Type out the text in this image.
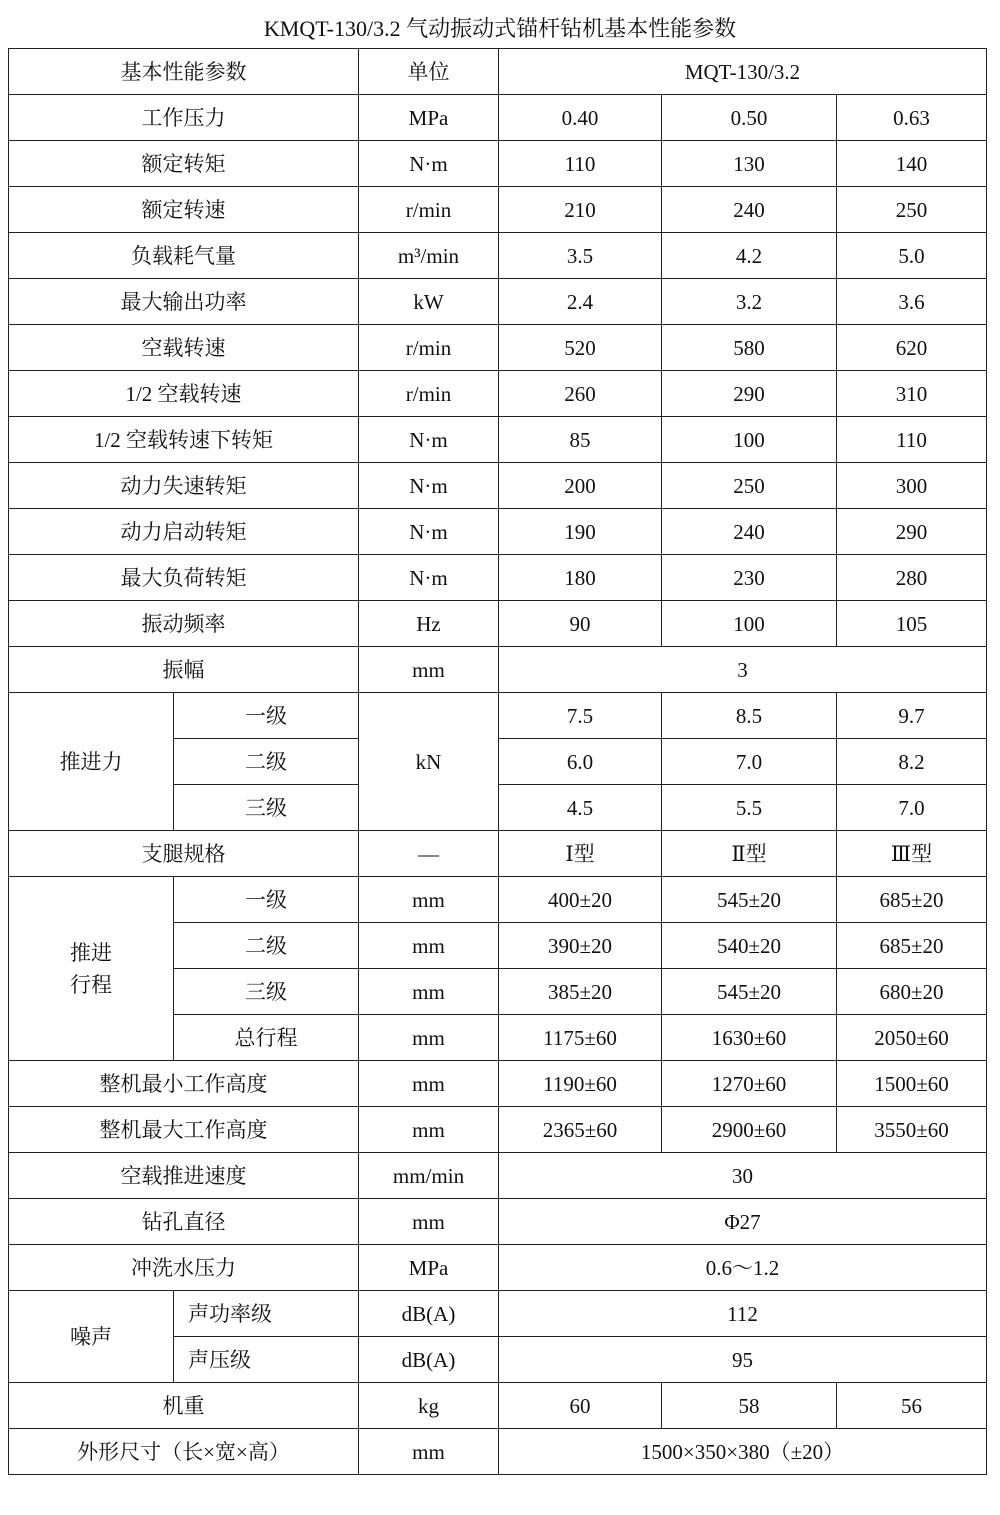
KMQT-130/3.2 气动振动式锚杆钻机基本性能参数
基本性能参数		单位	MQT-130/3.2		
工作压力		MPa	0.40	0.50	0.63
额定转矩		N·m	110	130	140
额定转速		r/min	210	240	250
负载耗气量		m³/min	3.5	4.2	5.0
最大输出功率		kW	2.4	3.2	3.6
空载转速		r/min	520	580	620
1/2 空载转速		r/min	260	290	310
1/2 空载转速下转矩		N·m	85	100	110
动力失速转矩		N·m	200	250	300
动力启动转矩		N·m	190	240	290
最大负荷转矩		N·m	180	230	280
振动频率		Hz	90	100	105
振幅		mm	3		
推进力	一级	kN	7.5	8.5	9.7
	二级		6.0	7.0	8.2
	三级		4.5	5.5	7.0
支腿规格		—	Ⅰ型	Ⅱ型	Ⅲ型
推进
行程	一级	mm	400±20	545±20	685±20
	二级	mm	390±20	540±20	685±20
	三级	mm	385±20	545±20	680±20
	总行程	mm	1175±60	1630±60	2050±60
整机最小工作高度		mm	1190±60	1270±60	1500±60
整机最大工作高度		mm	2365±60	2900±60	3550±60
空载推进速度		mm/min	30		
钻孔直径		mm	Φ27		
冲洗水压力		MPa	0.6～1.2		
噪声	声功率级	dB(A)	112		
	声压级	dB(A)	95		
机重		kg	60	58	56
外形尺寸（长×宽×高）		mm	1500×350×380（±20）		
